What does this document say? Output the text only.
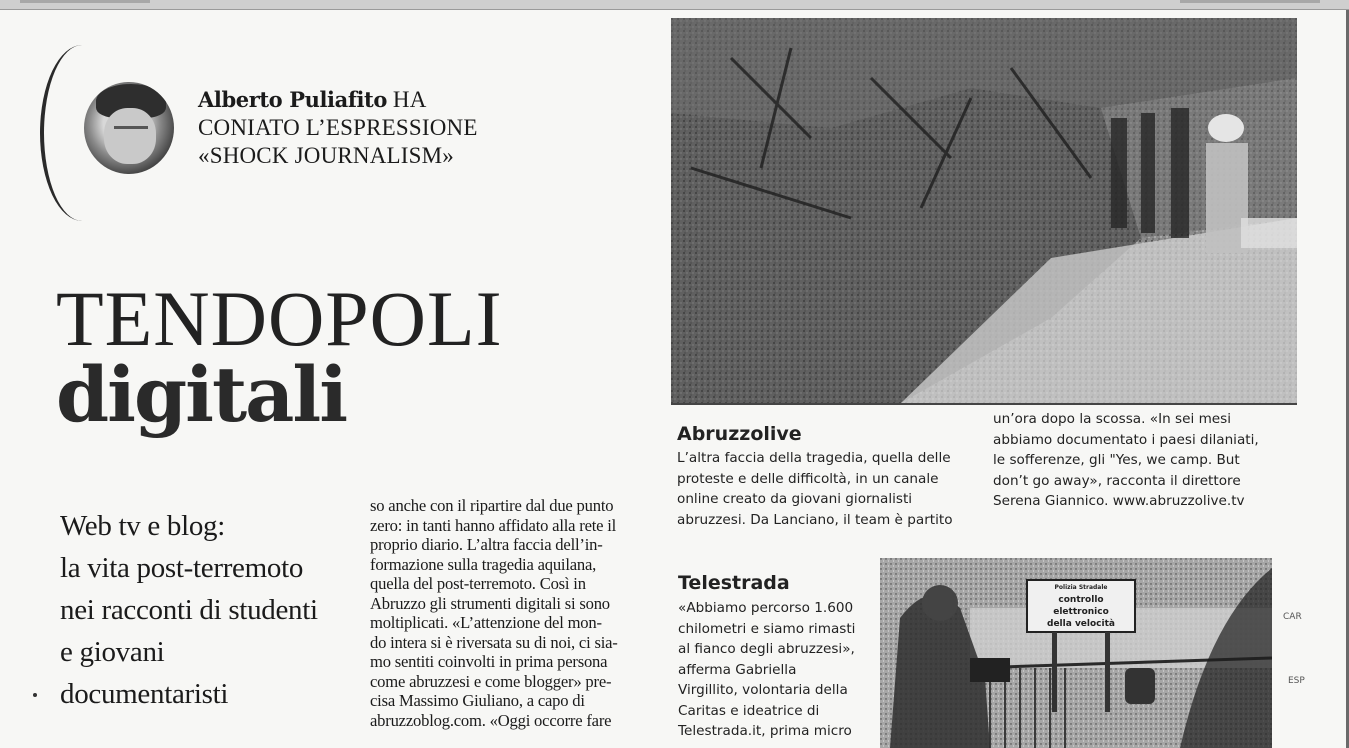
Alberto Puliafito HA
CONIATO L’ESPRESSIONE
«SHOCK JOURNALISM»
TENDOPOLI
digitali
Web tv e blog:
la vita post-terremoto
nei racconti di studenti
e giovani
documentaristi
so anche con il ripartire dal due punto
zero: in tanti hanno affidato alla rete il
proprio diario. L’altra faccia dell’in-
formazione sulla tragedia aquilana,
quella del post-terremoto. Così in
Abruzzo gli strumenti digitali si sono
moltiplicati. «L’attenzione del mon-
do intera si è riversata su di noi, ci sia-
mo sentiti coinvolti in prima persona
come abruzzesi e come blogger» pre-
cisa Massimo Giuliano, a capo di
abruzzoblog.com. «Oggi occorre fare
Abruzzolive
L’altra faccia della tragedia, quella delle
proteste e delle difficoltà, in un canale
online creato da giovani giornalisti
abruzzesi. Da Lanciano, il team è partito
un’ora dopo la scossa. «In sei mesi
abbiamo documentato i paesi dilaniati,
le sofferenze, gli "Yes, we camp. But
don’t go away», racconta il direttore
Serena Giannico. www.abruzzolive.tv
Telestrada
«Abbiamo percorso 1.600
chilometri e siamo rimasti
al fianco degli abruzzesi»,
afferma Gabriella
Virgillito, volontaria della
Caritas e ideatrice di
Telestrada.it, prima micro
Polizia Stradale
controllo
elettronico
della velocità
CAR
ESP
